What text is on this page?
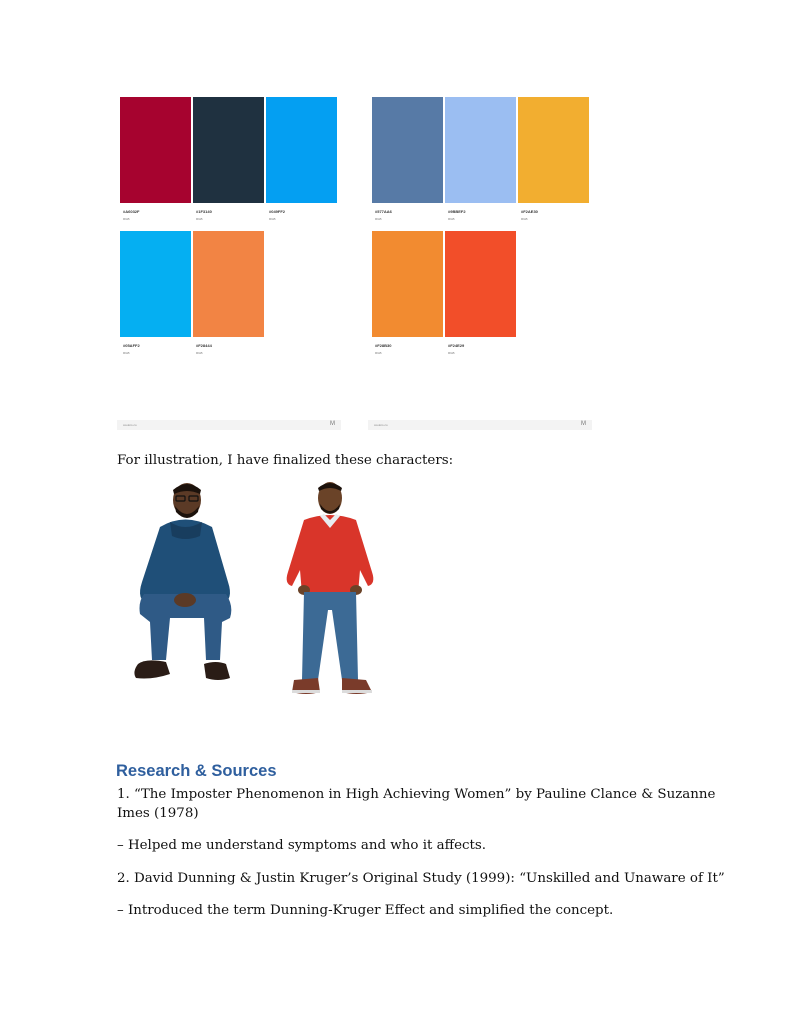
#A6032F
RGB
#1F3140
RGB
#049FF2
RGB
#05AFF2
RGB
#F28444
RGB
coolors.co	M
#577AA6
RGB
#9BBEF2
RGB
#F2AE30
RGB
#F28B30
RGB
#F24E29
RGB
coolors.co	M

For illustration, I have finalized these characters:

Research & Sources

1. “The Imposter Phenomenon in High Achieving Women” by Pauline Clance & Suzanne

Imes (1978)

– Helped me understand symptoms and who it affects.

2. David Dunning & Justin Kruger’s Original Study (1999): “Unskilled and Unaware of It”

– Introduced the term Dunning-Kruger Effect and simplified the concept.
